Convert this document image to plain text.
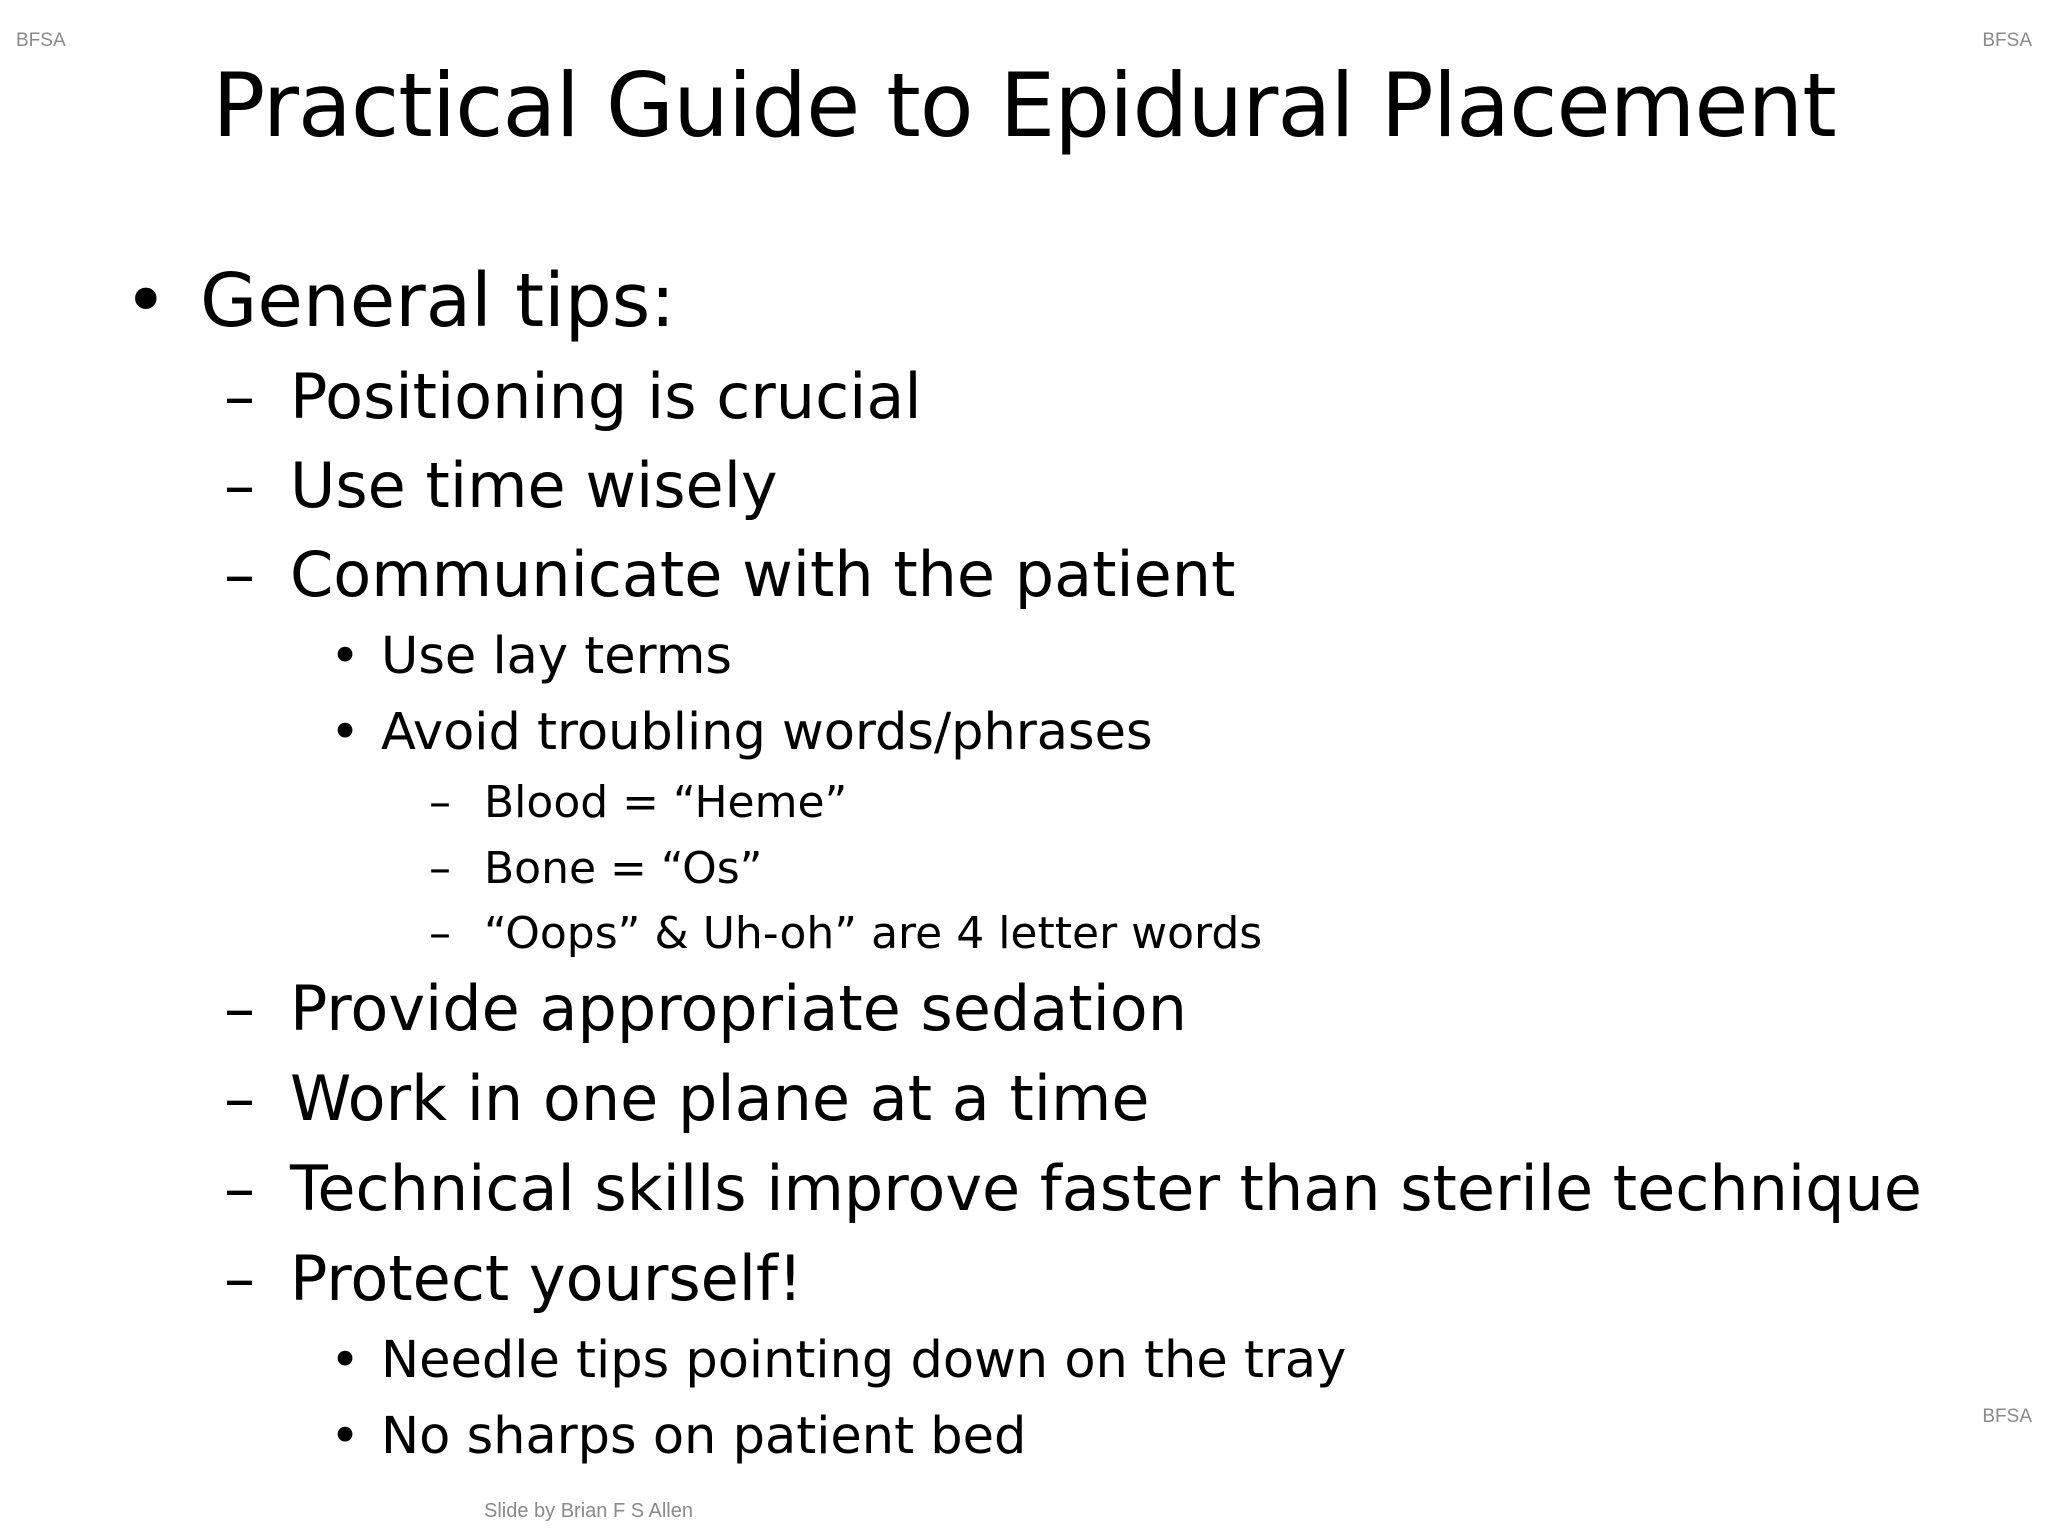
BFSA	BFSA
BFSA
Practical Guide to Epidural Placement
• General tips:
– Positioning is crucial
– Use time wisely
– Communicate with the patient
• Use lay terms
• Avoid troubling words/phrases
– Blood = “Heme”
– Bone = “Os”
– “Oops” & Uh-oh” are 4 letter words
– Provide appropriate sedation
– Work in one plane at a time
– Technical skills improve faster than sterile technique
– Protect yourself!
• Needle tips pointing down on the tray
• No sharps on patient bed
Slide by Brian F S Allen
